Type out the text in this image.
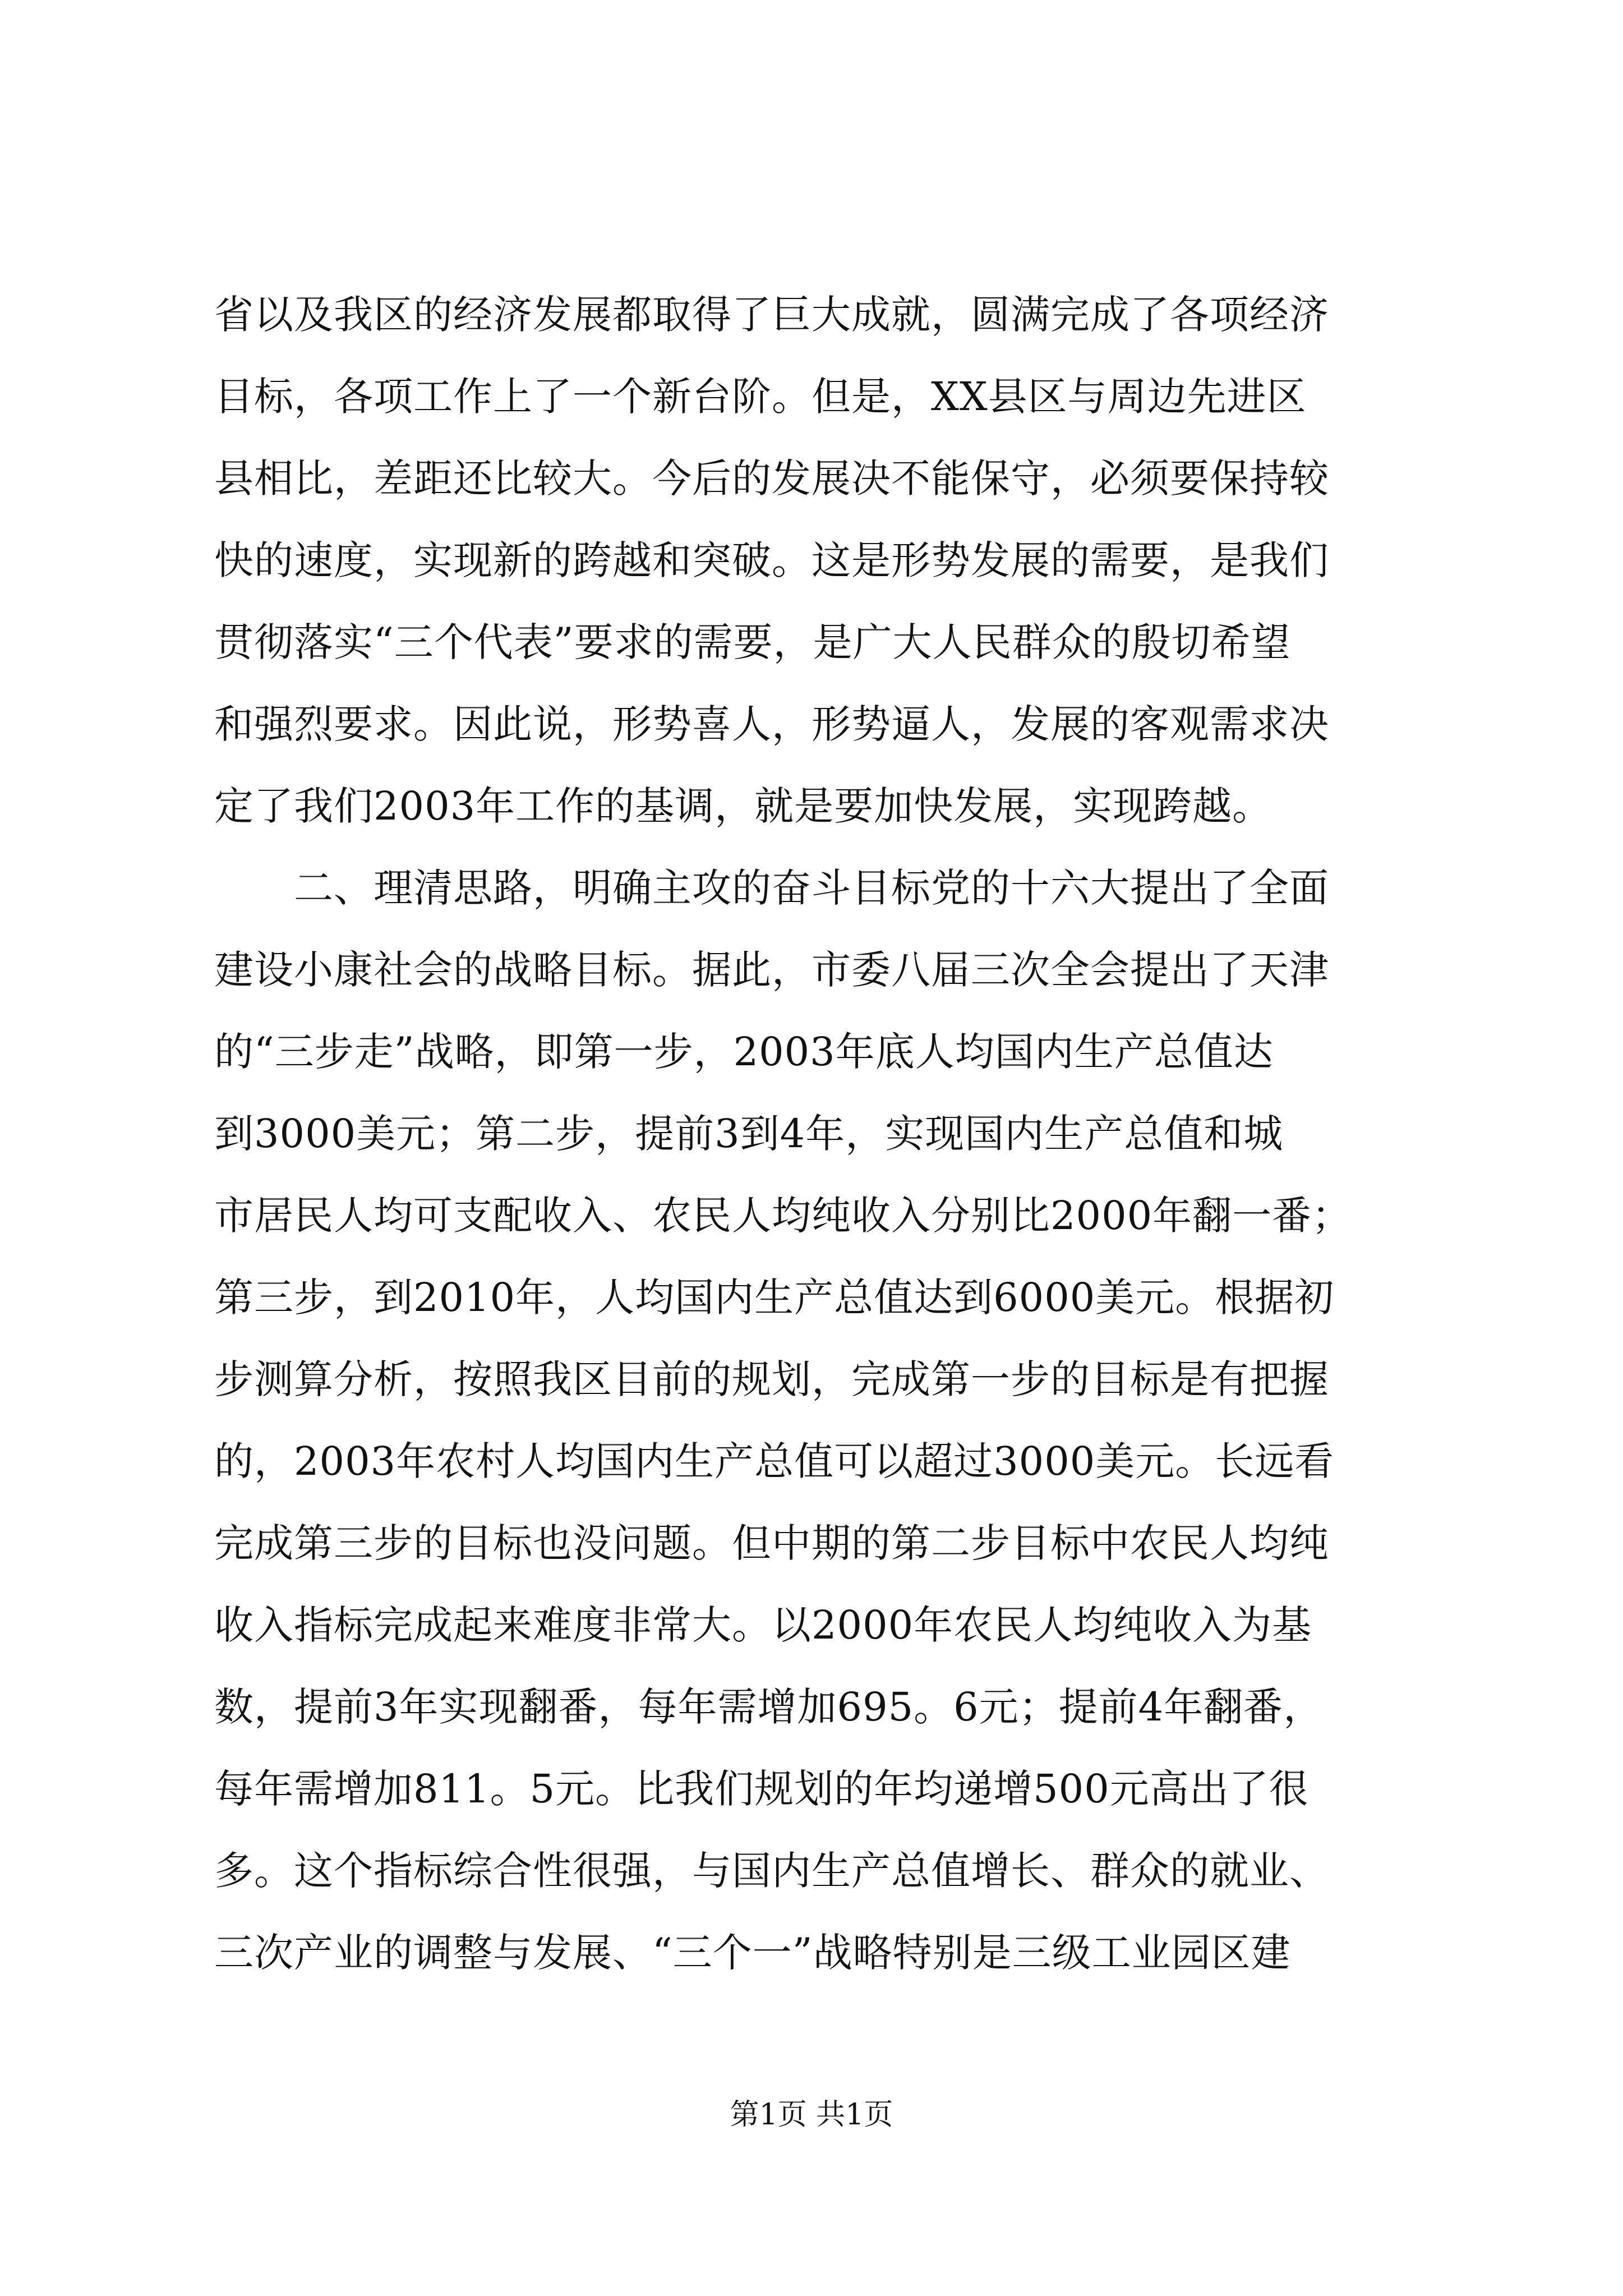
省以及我区的经济发展都取得了巨大成就，圆满完成了各项经济
目标，各项工作上了一个新台阶。但是，XX县区与周边先进区
县相比，差距还比较大。今后的发展决不能保守，必须要保持较
快的速度，实现新的跨越和突破。这是形势发展的需要，是我们
贯彻落实“三个代表”要求的需要，是广大人民群众的殷切希望
和强烈要求。因此说，形势喜人，形势逼人，发展的客观需求决
定了我们2003年工作的基调，就是要加快发展，实现跨越。
　　二、理清思路，明确主攻的奋斗目标党的十六大提出了全面
建设小康社会的战略目标。据此，市委八届三次全会提出了天津
的“三步走”战略，即第一步，2003年底人均国内生产总值达
到3000美元；第二步，提前3到4年，实现国内生产总值和城
市居民人均可支配收入、农民人均纯收入分别比2000年翻一番；
第三步，到2010年，人均国内生产总值达到6000美元。根据初
步测算分析，按照我区目前的规划，完成第一步的目标是有把握
的，2003年农村人均国内生产总值可以超过3000美元。长远看
完成第三步的目标也没问题。但中期的第二步目标中农民人均纯
收入指标完成起来难度非常大。以2000年农民人均纯收入为基
数，提前3年实现翻番，每年需增加695。6元；提前4年翻番，
每年需增加811。5元。比我们规划的年均递增500元高出了很
多。这个指标综合性很强，与国内生产总值增长、群众的就业、
三次产业的调整与发展、“三个一”战略特别是三级工业园区建
第1页 共1页
